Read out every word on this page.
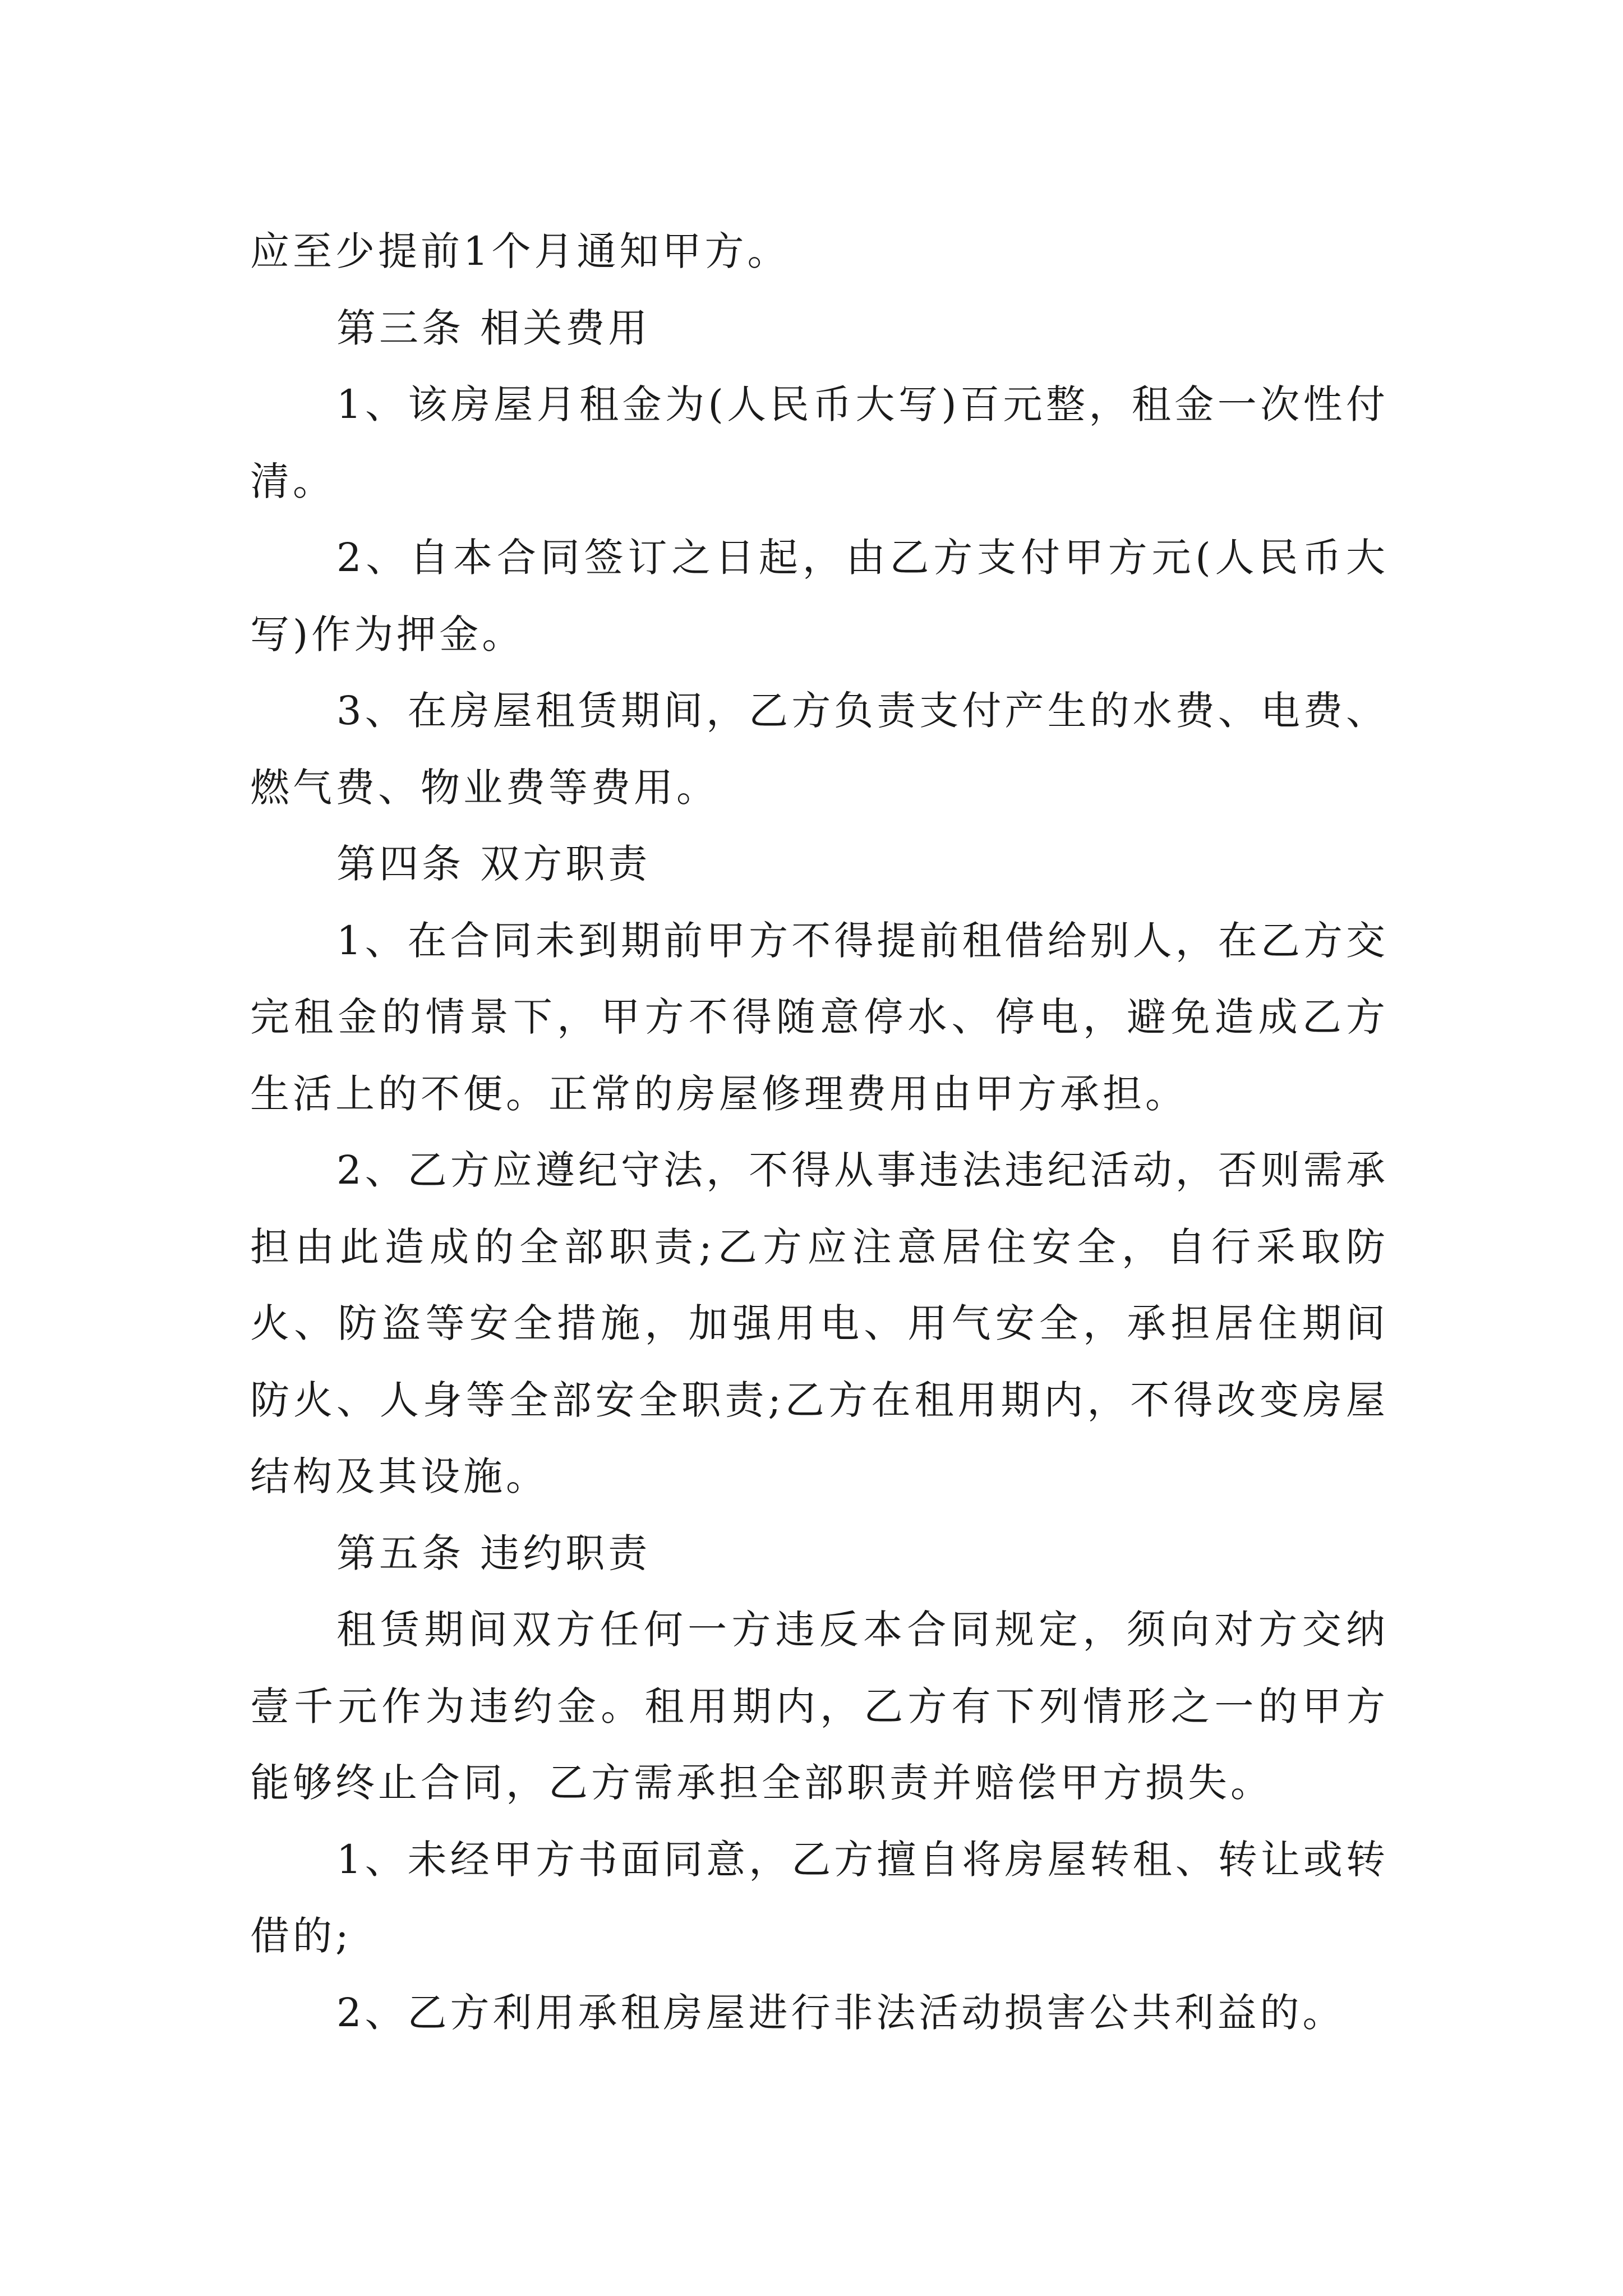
应至少提前1个月通知甲方。

第三条 相关费用

1、该房屋月租金为(人民币大写)百元整，租金一次性付清。

2、自本合同签订之日起，由乙方支付甲方元(人民币大写)作为押金。

3、在房屋租赁期间，乙方负责支付产生的水费、电费、燃气费、物业费等费用。

第四条 双方职责

1、在合同未到期前甲方不得提前租借给别人，在乙方交完租金的情景下，甲方不得随意停水、停电，避免造成乙方生活上的不便。正常的房屋修理费用由甲方承担。

2、乙方应遵纪守法，不得从事违法违纪活动，否则需承担由此造成的全部职责;乙方应注意居住安全，自行采取防火、防盗等安全措施，加强用电、用气安全，承担居住期间防火、人身等全部安全职责;乙方在租用期内，不得改变房屋结构及其设施。

第五条 违约职责

租赁期间双方任何一方违反本合同规定，须向对方交纳壹千元作为违约金。租用期内，乙方有下列情形之一的甲方能够终止合同，乙方需承担全部职责并赔偿甲方损失。

1、未经甲方书面同意，乙方擅自将房屋转租、转让或转借的;

2、乙方利用承租房屋进行非法活动损害公共利益的。
